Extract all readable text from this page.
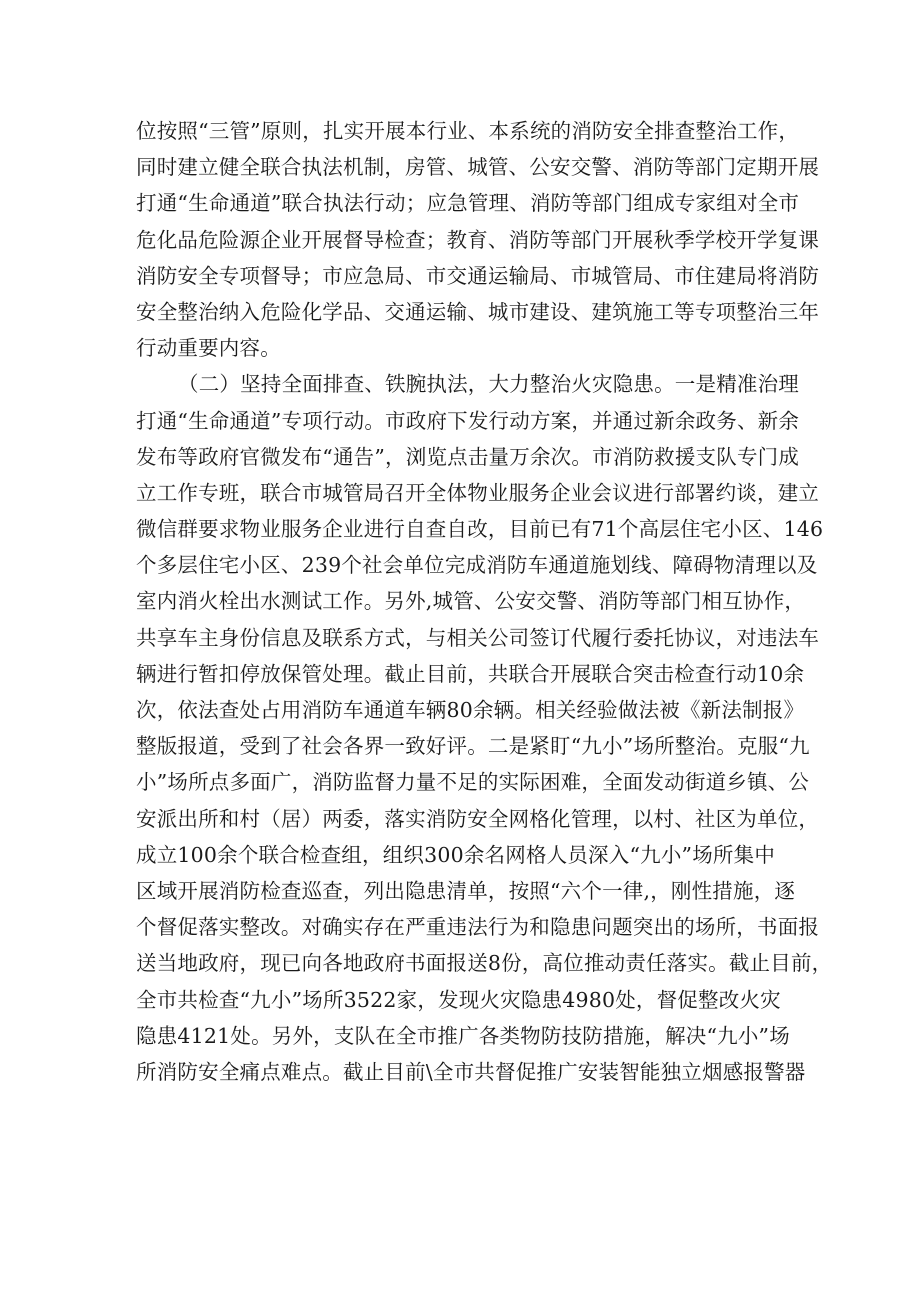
位按照“三管”原则，扎实开展本行业、本系统的消防安全排查整治工作，
同时建立健全联合执法机制，房管、城管、公安交警、消防等部门定期开展
打通“生命通道”联合执法行动；应急管理、消防等部门组成专家组对全市
危化品危险源企业开展督导检查；教育、消防等部门开展秋季学校开学复课
消防安全专项督导；市应急局、市交通运输局、市城管局、市住建局将消防
安全整治纳入危险化学品、交通运输、城市建设、建筑施工等专项整治三年
行动重要内容。
（二）坚持全面排查、铁腕执法，大力整治火灾隐患。一是精准治理
打通“生命通道”专项行动。市政府下发行动方案，并通过新余政务、新余
发布等政府官微发布“通告”，浏览点击量万余次。市消防救援支队专门成
立工作专班，联合市城管局召开全体物业服务企业会议进行部署约谈，建立
微信群要求物业服务企业进行自查自改，目前已有71个高层住宅小区、146
个多层住宅小区、239个社会单位完成消防车通道施划线、障碍物清理以及
室内消火栓出水测试工作。另外,城管、公安交警、消防等部门相互协作，
共享车主身份信息及联系方式，与相关公司签订代履行委托协议，对违法车
辆进行暂扣停放保管处理。截止目前，共联合开展联合突击检查行动10余
次，依法查处占用消防车通道车辆80余辆。相关经验做法被《新法制报》
整版报道，受到了社会各界一致好评。二是紧盯“九小”场所整治。克服“九
小”场所点多面广，消防监督力量不足的实际困难，全面发动街道乡镇、公
安派出所和村（居）两委，落实消防安全网格化管理，以村、社区为单位，
成立100余个联合检查组，组织300余名网格人员深入“九小”场所集中
区域开展消防检查巡查，列出隐患清单，按照“六个一律,，刚性措施，逐
个督促落实整改。对确实存在严重违法行为和隐患问题突出的场所，书面报
送当地政府，现已向各地政府书面报送8份，高位推动责任落实。截止目前，
全市共检查“九小”场所3522家，发现火灾隐患4980处，督促整改火灾
隐患4121处。另外，支队在全市推广各类物防技防措施，解决“九小”场
所消防安全痛点难点。截止目前\全市共督促推广安装智能独立烟感报警器
